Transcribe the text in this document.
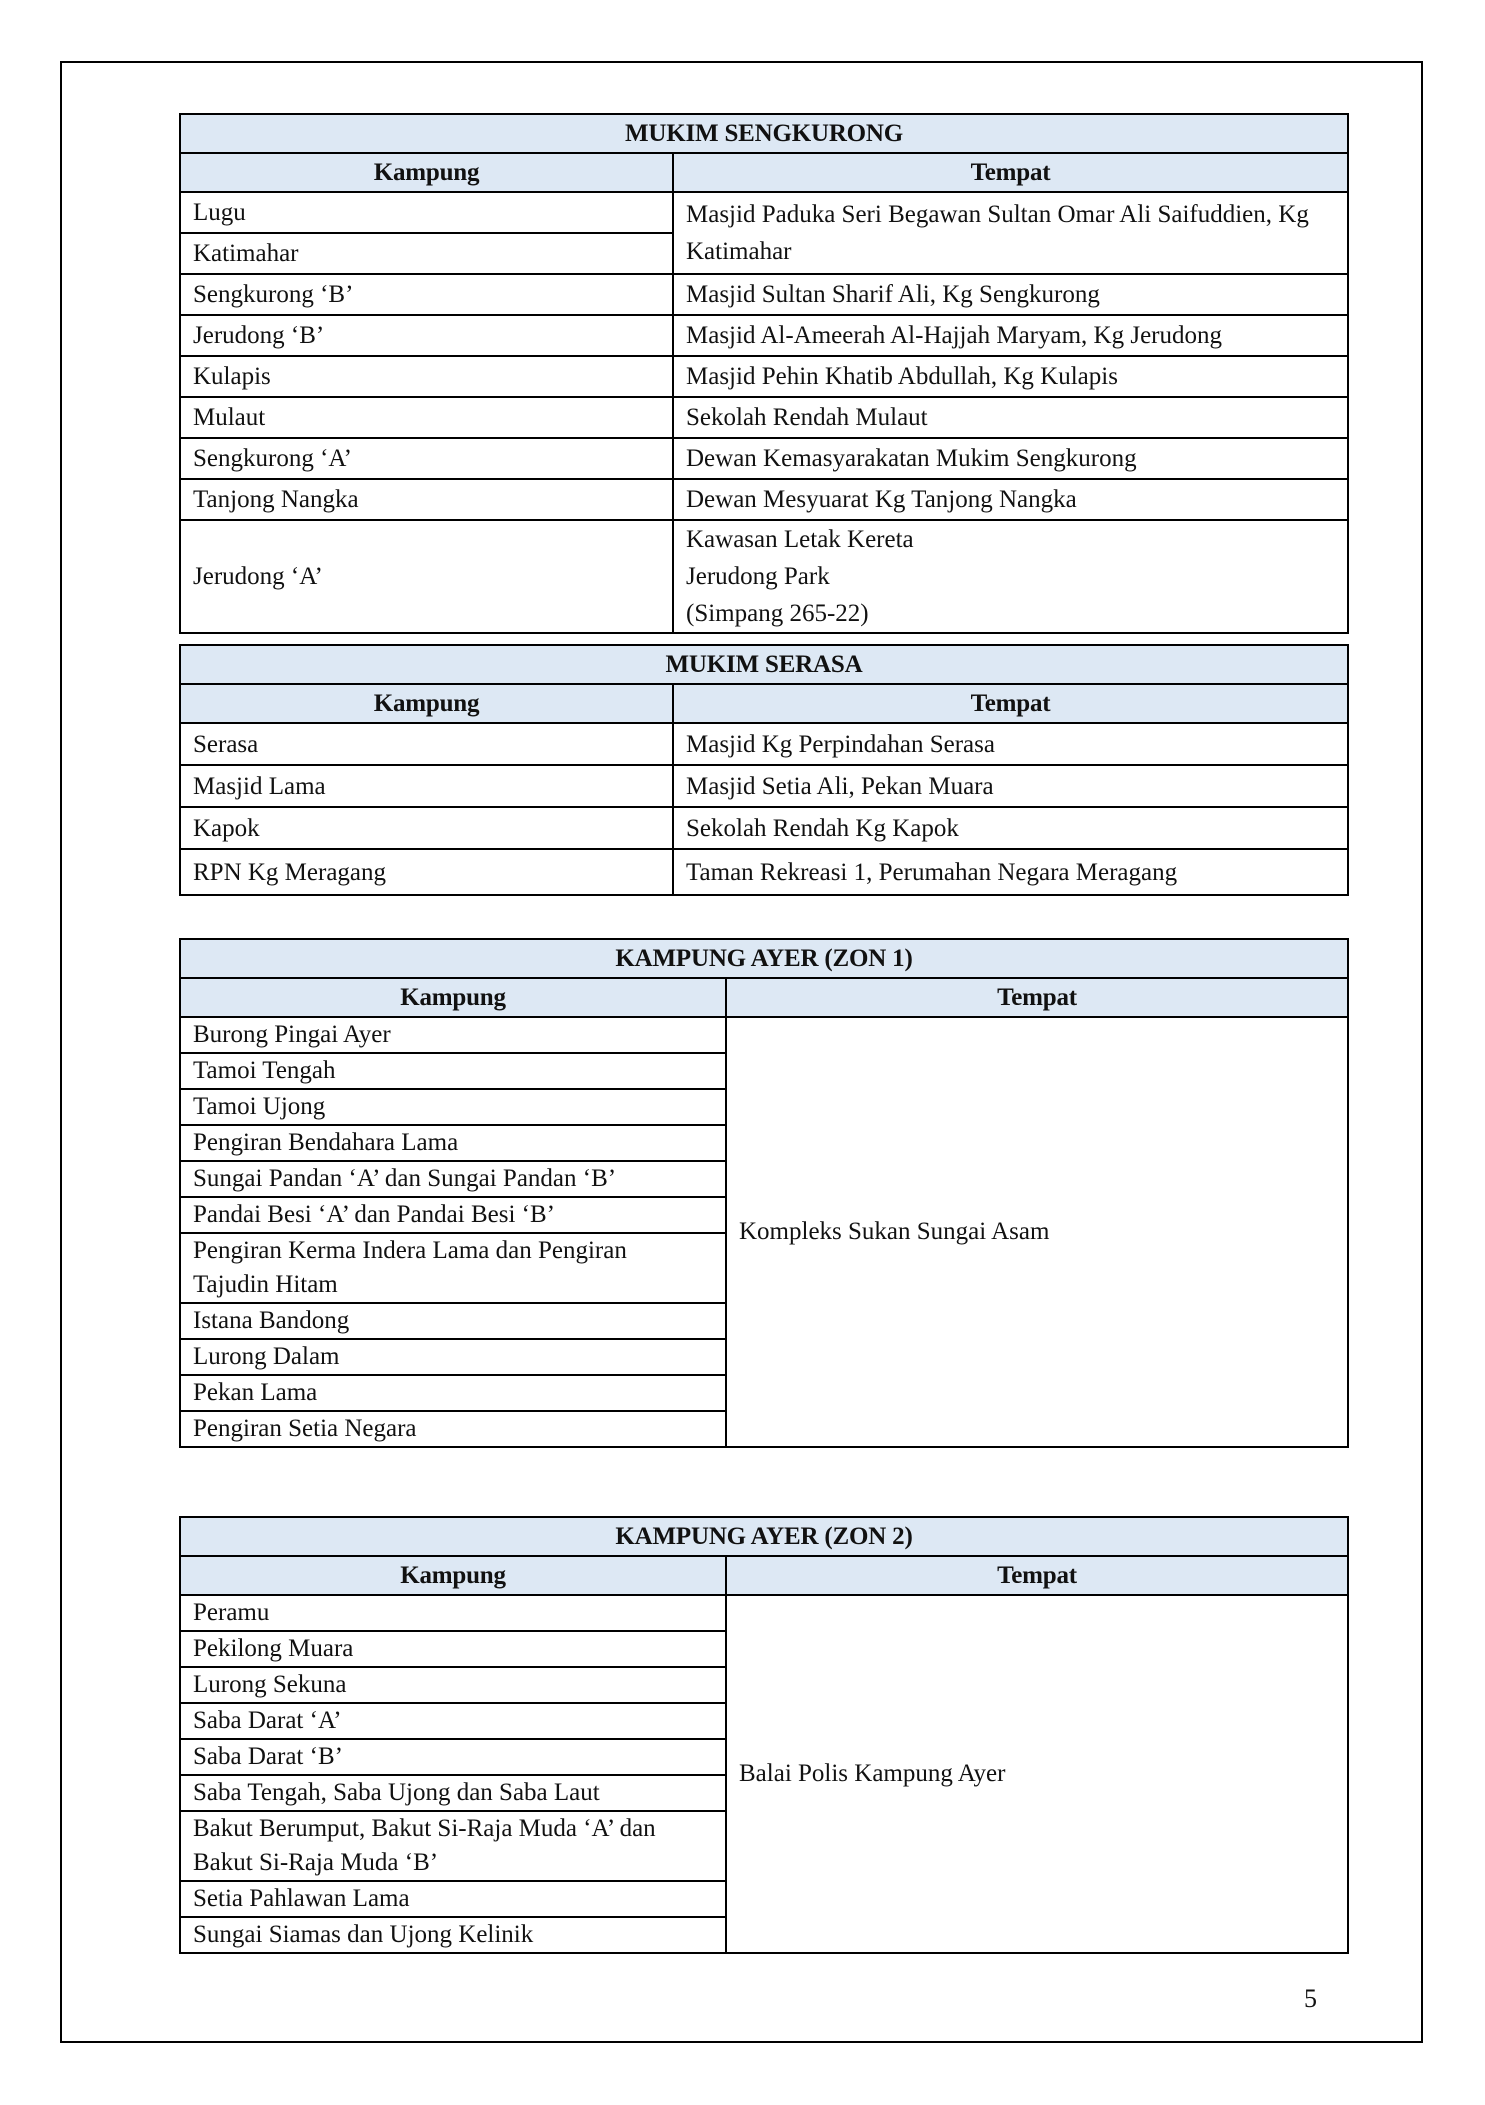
MUKIM SENGKURONG	
Kampung	Tempat
Lugu	Masjid Paduka Seri Begawan Sultan Omar Ali Saifuddien, Kg Katimahar
Katimahar	
Sengkurong ‘B’	Masjid Sultan Sharif Ali, Kg Sengkurong
Jerudong ‘B’	Masjid Al-Ameerah Al-Hajjah Maryam, Kg Jerudong
Kulapis	Masjid Pehin Khatib Abdullah, Kg Kulapis
Mulaut	Sekolah Rendah Mulaut
Sengkurong ‘A’	Dewan Kemasyarakatan Mukim Sengkurong
Tanjong Nangka	Dewan Mesyuarat Kg Tanjong Nangka
Jerudong ‘A’	Kawasan Letak Kereta Jerudong Park (Simpang 265-22)
MUKIM SERASA	
Kampung	Tempat
Serasa	Masjid Kg Perpindahan Serasa
Masjid Lama	Masjid Setia Ali, Pekan Muara
Kapok	Sekolah Rendah Kg Kapok
RPN Kg Meragang	Taman Rekreasi 1, Perumahan Negara Meragang
KAMPUNG AYER (ZON 1)	
Kampung	Tempat
Burong Pingai Ayer	Kompleks Sukan Sungai Asam
Tamoi Tengah	
Tamoi Ujong	
Pengiran Bendahara Lama	
Sungai Pandan ‘A’ dan Sungai Pandan ‘B’	
Pandai Besi ‘A’ dan Pandai Besi ‘B’	
Pengiran Kerma Indera Lama dan Pengiran Tajudin Hitam	
Istana Bandong	
Lurong Dalam	
Pekan Lama	
Pengiran Setia Negara	
KAMPUNG AYER (ZON 2)	
Kampung	Tempat
Peramu	Balai Polis Kampung Ayer
Pekilong Muara	
Lurong Sekuna	
Saba Darat ‘A’	
Saba Darat ‘B’	
Saba Tengah, Saba Ujong dan Saba Laut	
Bakut Berumput, Bakut Si-Raja Muda ‘A’ dan Bakut Si-Raja Muda ‘B’	
Setia Pahlawan Lama	
Sungai Siamas dan Ujong Kelinik	
5
